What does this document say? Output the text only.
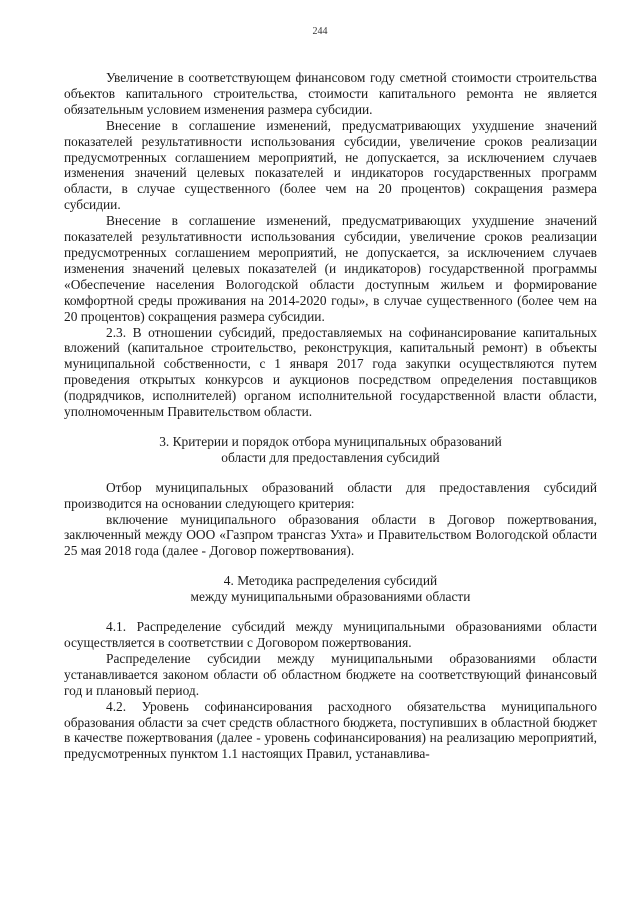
244

Увеличение в соответствующем финансовом году сметной стоимости строительства объектов капитального строительства, стоимости капитального ремонта не является обязательным условием изменения размера субсидии.

Внесение в соглашение изменений, предусматривающих ухудшение значений показателей результативности использования субсидии, увеличение сроков реализации предусмотренных соглашением мероприятий, не допускается, за исключением случаев изменения значений целевых показателей и индикаторов государственных программ области, в случае существенного (более чем на 20 процентов) сокращения размера субсидии.

Внесение в соглашение изменений, предусматривающих ухудшение значений показателей результативности использования субсидии, увеличение сроков реализации предусмотренных соглашением мероприятий, не допускается, за исключением случаев изменения значений целевых показателей (и индикаторов) государственной программы «Обеспечение населения Вологодской области доступным жильем и формирование комфортной среды проживания на 2014-2020 годы», в случае существенного (более чем на 20 процентов) сокращения размера субсидии.

2.3. В отношении субсидий, предоставляемых на софинансирование капитальных вложений (капитальное строительство, реконструкция, капитальный ремонт) в объекты муниципальной собственности, с 1 января 2017 года закупки осуществляются путем проведения открытых конкурсов и аукционов посредством определения поставщиков (подрядчиков, исполнителей) органом исполнительной государственной власти области, уполномоченным Правительством области.

3. Критерии и порядок отбора муниципальных образований
области для предоставления субсидий

Отбор муниципальных образований области для предоставления субсидий производится на основании следующего критерия:

включение муниципального образования области в Договор пожертвования, заключенный между ООО «Газпром трансгаз Ухта» и Правительством Вологодской области 25 мая 2018 года (далее - Договор пожертвования).

4. Методика распределения субсидий
между муниципальными образованиями области

4.1. Распределение субсидий между муниципальными образованиями области осуществляется в соответствии с Договором пожертвования.

Распределение субсидии между муниципальными образованиями области устанавливается законом области об областном бюджете на соответствующий финансовый год и плановый период.

4.2. Уровень софинансирования расходного обязательства муниципального образования области за счет средств областного бюджета, поступивших в областной бюджет в качестве пожертвования (далее - уровень софинансирования) на реализацию мероприятий, предусмотренных пунктом 1.1 настоящих Правил, устанавлива-
